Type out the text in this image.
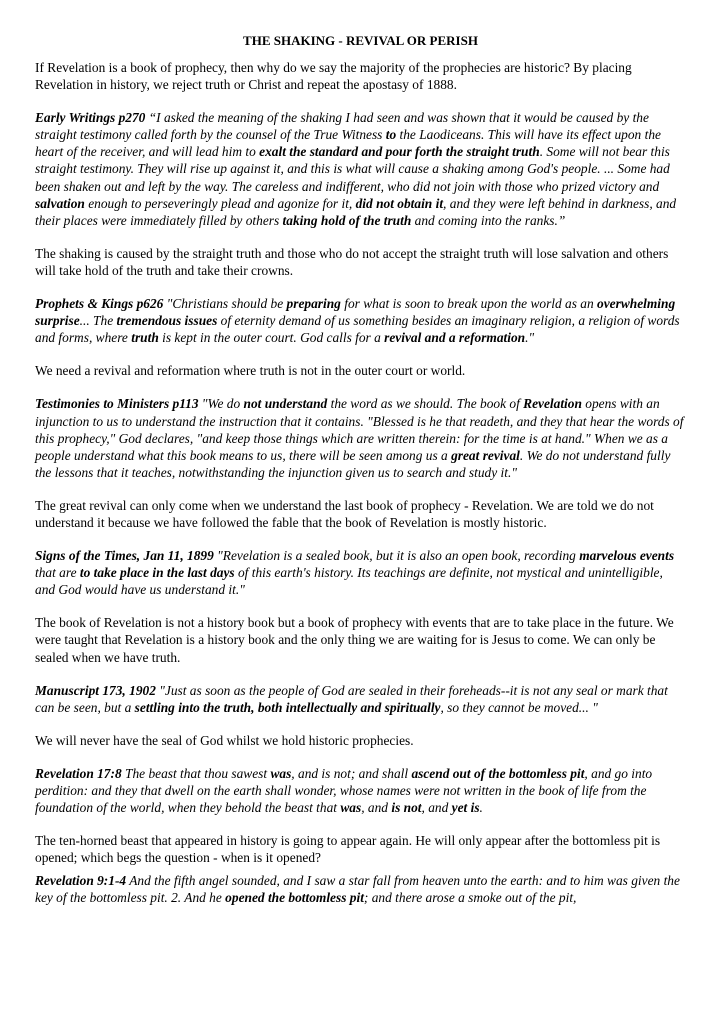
THE SHAKING - REVIVAL OR PERISH

If Revelation is a book of prophecy, then why do we say the majority of the prophecies are historic? By placing Revelation in history, we reject truth or Christ and repeat the apostasy of 1888.

Early Writings p270 “I asked the meaning of the shaking I had seen and was shown that it would be caused by the straight testimony called forth by the counsel of the True Witness to the Laodiceans. This will have its effect upon the heart of the receiver, and will lead him to exalt the standard and pour forth the straight truth. Some will not bear this straight testimony. They will rise up against it, and this is what will cause a shaking among God's people. ... Some had been shaken out and left by the way. The careless and indifferent, who did not join with those who prized victory and salvation enough to perseveringly plead and agonize for it, did not obtain it, and they were left behind in darkness, and their places were immediately filled by others taking hold of the truth and coming into the ranks.”

The shaking is caused by the straight truth and those who do not accept the straight truth will lose salvation and others will take hold of the truth and take their crowns.

Prophets & Kings p626 "Christians should be preparing for what is soon to break upon the world as an overwhelming surprise... The tremendous issues of eternity demand of us something besides an imaginary religion, a religion of words and forms, where truth is kept in the outer court. God calls for a revival and a reformation."

We need a revival and reformation where truth is not in the outer court or world.

Testimonies to Ministers p113 "We do not understand the word as we should. The book of Revelation opens with an injunction to us to understand the instruction that it contains. "Blessed is he that readeth, and they that hear the words of this prophecy," God declares, "and keep those things which are written therein: for the time is at hand." When we as a people understand what this book means to us, there will be seen among us a great revival. We do not understand fully the lessons that it teaches, notwithstanding the injunction given us to search and study it."

The great revival can only come when we understand the last book of prophecy - Revelation. We are told we do not understand it because we have followed the fable that the book of Revelation is mostly historic.

Signs of the Times, Jan 11, 1899 "Revelation is a sealed book, but it is also an open book, recording marvelous events that are to take place in the last days of this earth's history. Its teachings are definite, not mystical and unintelligible, and God would have us understand it."

The book of Revelation is not a history book but a book of prophecy with events that are to take place in the future. We were taught that Revelation is a history book and the only thing we are waiting for is Jesus to come. We can only be sealed when we have truth.

Manuscript 173, 1902 "Just as soon as the people of God are sealed in their foreheads--it is not any seal or mark that can be seen, but a settling into the truth, both intellectually and spiritually, so they cannot be moved... "

We will never have the seal of God whilst we hold historic prophecies.

Revelation 17:8 The beast that thou sawest was, and is not; and shall ascend out of the bottomless pit, and go into perdition: and they that dwell on the earth shall wonder, whose names were not written in the book of life from the foundation of the world, when they behold the beast that was, and is not, and yet is.

The ten-horned beast that appeared in history is going to appear again. He will only appear after the bottomless pit is opened; which begs the question - when is it opened?

Revelation 9:1-4 And the fifth angel sounded, and I saw a star fall from heaven unto the earth: and to him was given the key of the bottomless pit. 2. And he opened the bottomless pit; and there arose a smoke out of the pit,
